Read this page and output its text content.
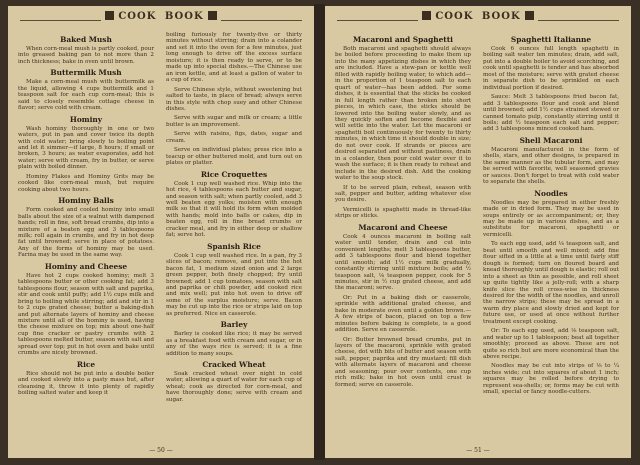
COOK BOOK
Baked Mush

When corn-meal mush is partly cooked, pour into greased baking pan to not more than 2 inch thickness; bake in oven until brown.

Buttermilk Mush

Make a corn-meal mush with buttermilk as the liquid, allowing 4 cups buttermilk and 1 teaspoon salt for each cup corn-meal; this is said to closely resemble cottage cheese in flavor; serve cold with cream.

Hominy

Wash hominy thoroughly in one or two waters, put in pan and cover twice its depth with cold water; bring slowly to boiling point and let it simmer—if large, 8 hours; if small or broken, 3 hours; as water evaporates, add hot water; serve with cream, fry in butter, or serve plain with boiled dinner.

Hominy Flakes and Hominy Grits may be cooked like corn-meal mush, but require cooking about two hours.

Hominy Balls

Form cooked and cooled hominy into small balls about the size of a walnut with dampened hands; roll in fine, soft bread crumbs, dip into a mixture of a beaten egg and 3 tablespoons milk; roll again in crumbs, and fry in hot deep fat until browned; serve in place of potatoes. Any of the forms of hominy may be used. Farina may be used in the same way.

Hominy and Cheese

Have hot 2 cups cooked hominy; melt 3 tablespoons butter or other cooking fat; add 3 tablespoons flour, season with salt and paprika, stir and cook until puffy; add 1½ cups milk and bring to boiling while stirring; add and stir in 1 to 2 cups grated cheese; butter a baking-dish and put alternate layers of hominy and cheese mixture until all of the hominy is used, having the cheese mixture on top; mix about one-half cup fine cracker or pastry crumbs with 2 tablespoons melted butter, season with salt and spread over top; put in hot oven and bake until crumbs are nicely browned.

Rice

Rice should not be put into a double boiler and cooked slowly into a pasty mass but, after cleansing it, throw it into plenty of rapidly boiling salted water and keep it

boiling furiously for twenty-five or thirty minutes without stirring; drain into a colander and set it into the oven for a few minutes, just long enough to drive off the excess surface moisture; it is then ready to serve, or to be made up into special dishes.—The Chinese use an iron kettle, and at least a gallon of water to a cup of rice.

Serve Chinese style, without sweetening but salted to taste, in place of bread; always serve in this style with chop suey and other Chinese dishes.

Serve with sugar and milk or cream; a little butter is an improvement.

Serve with raisins, figs, dates, sugar and cream.

Serve on individual plates; press rice into a teacup or other buttered mold, and turn out on plates or platter.

Rice Croquettes

Cook 1 cup well washed rice. Whip into the hot rice, 4 tablespoons each butter and sugar, and season with salt; when partly cooled, add 3 well beaten egg yolks; moisten with enough milk so that it will hold its form when molded with hands; mold into balls or cakes, dip in beaten egg, roll in fine bread crumbs or cracker meal, and fry in either deep or shallow fat; serve hot.

Spanish Rice

Cook 1 cup well washed rice. In a pan, fry 3 slices of bacon; remove, and put into the hot bacon fat, 1 medium sized onion and 2 large green pepper, both finely chopped; fry until browned; add 1 cup tomatoes, season with salt and paprika or chili powder, add cooked rice and mix well; put into hot oven to drive off some of the surplus moisture; serve. Bacon may be cut up into the rice or strips laid on top as preferred. Nice en casserole.

Barley

Barley is cooked like rice; it may be served as a breakfast food with cream and sugar, or in any of the ways rice is served; it is a fine addition to many soups.

Cracked Wheat

Soak cracked wheat over night in cold water, allowing a quart of water for each cup of wheat; cook as directed for corn-meal, and have thoroughly done; serve with cream and sugar.

— 50 —
COOK BOOK
Macaroni and Spaghetti

Both macaroni and spaghetti should always be boiled before proceeding to make them up into the many appetizing dishes in which they are included. Have a stew-pan or kettle well filled with rapidly boiling water, to which add—in the proportion of 1 teaspoon salt to each quart of water—has been added. For some dishes, it is essential that the sticks be cooked in full length rather than broken into short pieces, in which case, the sticks should be lowered into the boiling water slowly, and as they quickly soften and become flexible and will settle into the water. Let the macaroni or spaghetti boil continuously for twenty to thirty minutes, in which time it should double in size; do not over cook. If strands or pieces are desired separated and without pastiness, drain in a colander, then pour cold water over it to wash the surface; it is then ready to reheat and include in the desired dish. Add the cooking water to the soup stock.

If to be served plain, reheat, season with salt, pepper and butter, adding whatever else you desire.

Vermicelli is spaghetti made in thread-like strips or sticks.

Macaroni and Cheese

Cook 4 ounces macaroni in boiling salt water until tender, drain and cut into convenient lengths; melt 3 tablespoons butter, add 3 tablespoons flour and blend together until smooth; add 1½ cups milk gradually, constantly stirring until mixture boils; add ½ teaspoon salt, ⅛ teaspoon pepper, cook for 5 minutes, stir in ½ cup grated cheese, and add the macaroni; serve.

Or: Put in a baking dish or casserole, sprinkle with additional grated cheese, and bake in moderate oven until a golden brown.—A few strips of bacon, placed on top a few minutes before baking is complete, is a good addition. Serve en casserole.

Or: Butter browned bread crumbs, put in layers of the macaroni, sprinkle with grated cheese, dot with bits of butter and season with salt, pepper, paprika and dry mustard; fill dish with alternate layers of macaroni and cheese and seasoning; pour over contents, one cup rich milk; bake in hot oven until crust is formed; serve en casserole.

Spaghetti Italianne

Cook 6 ounces full length spaghetti in boiling salt water ten minutes; drain, add salt, put into a double boiler to avoid scorching, and cook until spaghetti is tender and has absorbed most of the moisture; serve with grated cheese in separate dish to be sprinkled on each individual portion if desired.

Sauce: Melt 3 tablespoons fried bacon fat, add 3 tablespoons flour and cook and blend until browned; add 1½ cups strained stewed or canned tomato pulp, constantly stirring until it boils; add ½ teaspoon each salt and pepper; add 3 tablespoons minced cooked ham.

Shell Macaroni

Macaroni manufactured in the form of shells, stars, and other designs, is prepared in the same manner as the tubular form, and may be served with favorite, well seasoned gravies or sauces. Don't forget to treat with cold water to separate the shells.

Noodles

Noodles may be prepared in either freshly made or in dried form. They may be used in soups entirely or as accompaniment; or, they may be made up in various dishes, and as a substitute for macaroni, spaghetti or vermicelli.

To each egg used, add ⅛ teaspoon salt, and beat until smooth and well mixed; add fine flour sifted in a little at a time until fairly stiff dough is formed; turn on floured board and knead thoroughly until dough is elastic; roll out into a sheet as thin as possible, and roll sheet up quite tightly like a jelly-roll; with a sharp knife slice the roll cross-wise in thickness desired for the width of the noodles, and unroll the narrow strips; these may be spread in a warm dry place and slowly dried and kept for future use, or used at once without further treatment except cooking.

Or: To each egg used, add ⅛ teaspoon salt, and water up to 1 tablespoon; beat all together smoothly; proceed as above. These are not quite so rich but are more economical than the above recipe.

Noodles may be cut into strips of ⅛ to ¼ inches wide; cut into squares of about 1 inch; squares may be rolled before drying to represent sea-shells; or, forms may be cut with small, special or fancy noodle-cutters.

— 51 —
